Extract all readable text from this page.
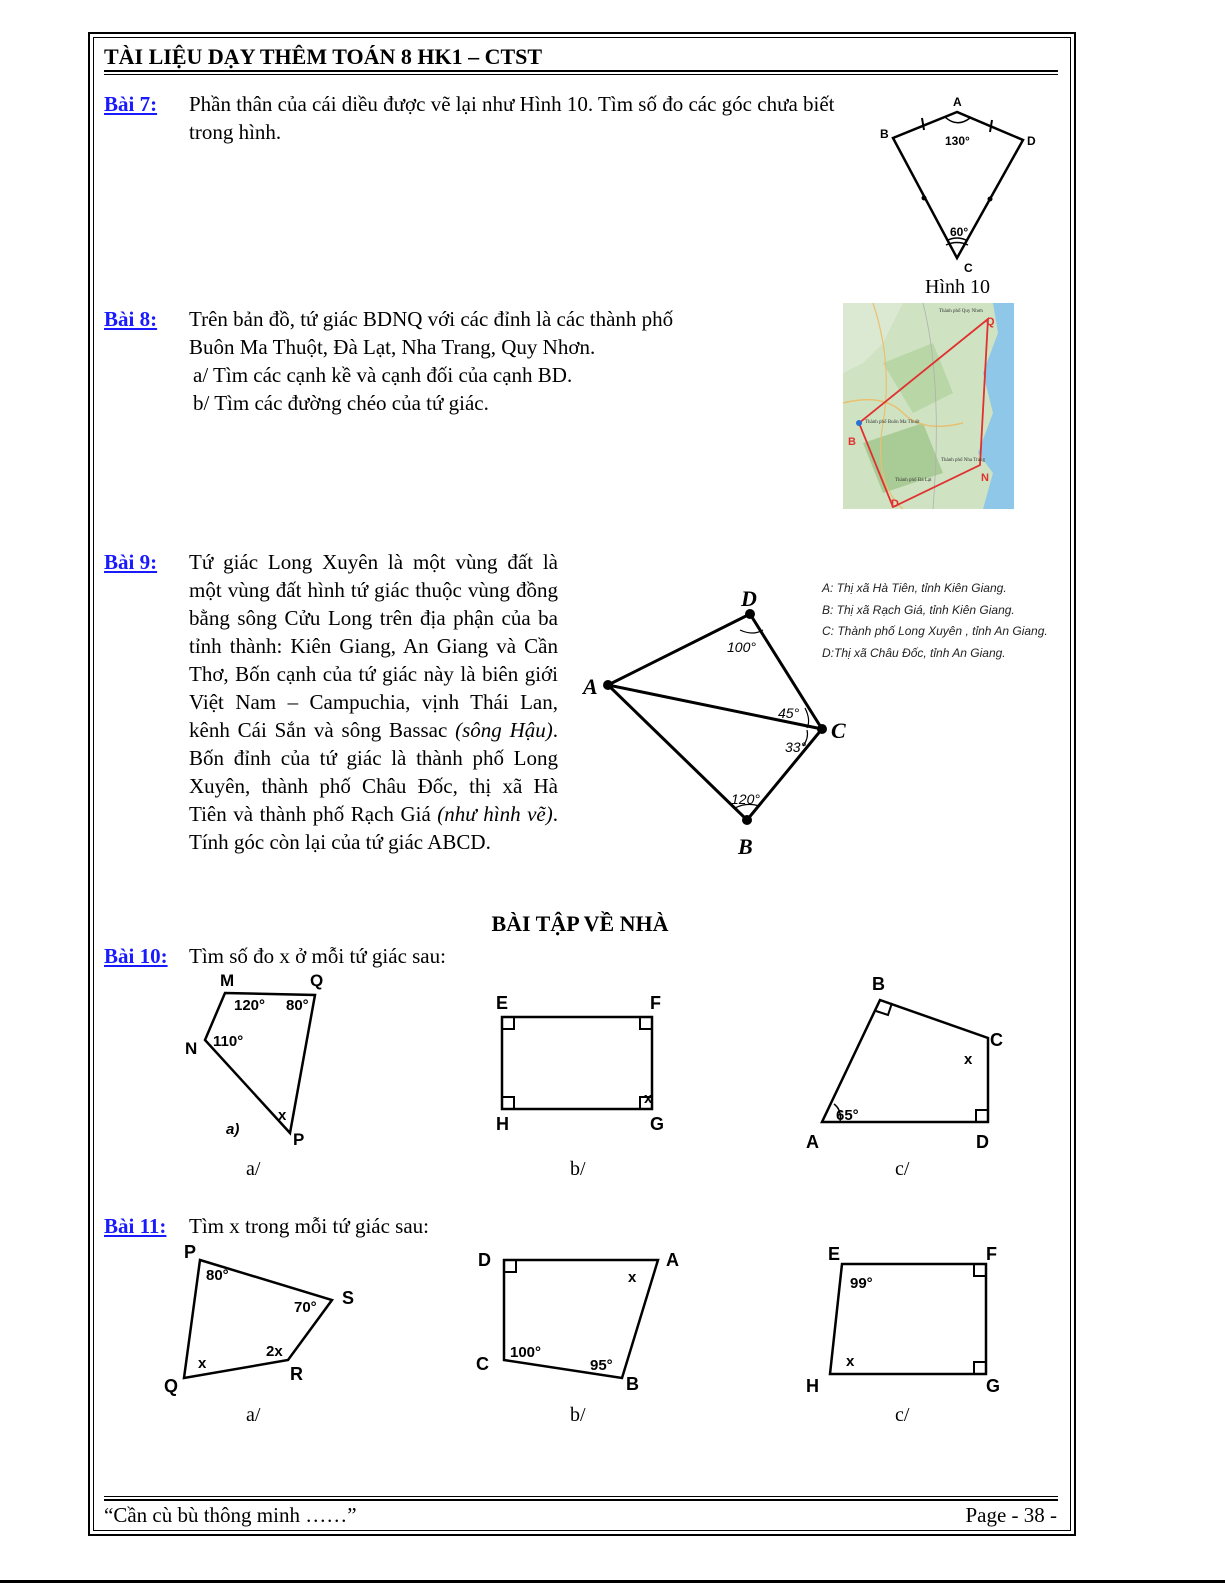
TÀI LIỆU DẠY THÊM TOÁN 8 HK1 – CTST
Bài 7: Phần thân của cái diều được vẽ lại như Hình 10. Tìm số đo các góc chưa biết trong hình.
A
B	D
C
130°
60°
Hình 10
Bài 8: Trên bản đồ, tứ giác BDNQ với các đỉnh là các thành phố
Buôn Ma Thuột, Đà Lạt, Nha Trang, Quy Nhơn.
a/ Tìm các cạnh kề và cạnh đối của cạnh BD.
b/ Tìm các đường chéo của tứ giác.
Thành phố Quy Nhơn
Thành phố Buôn Ma Thuột
Thành phố Nha Trang
Thành phố Đà Lạt
Q
B
N
D
Bài 9: Tứ giác Long Xuyên là một vùng đất là một vùng đất hình tứ giác thuộc vùng đồng bằng sông Cửu Long trên địa phận của ba tỉnh thành: Kiên Giang, An Giang và Cần Thơ, Bốn cạnh của tứ giác này là biên giới Việt Nam – Campuchia, vịnh Thái Lan, kênh Cái Sắn và sông Bassac (sông Hậu). Bốn đỉnh của tứ giác là thành phố Long Xuyên, thành phố Châu Đốc, thị xã Hà Tiên và thành phố Rạch Giá (như hình vẽ). Tính góc còn lại của tứ giác ABCD.
D
A
C
B
100°
45°
33°
120°
A: Thị xã Hà Tiên, tỉnh Kiên Giang.
B: Thị xã Rạch Giá, tỉnh Kiên Giang.
C: Thành phố Long Xuyên , tỉnh An Giang.
D:Thị xã Châu Đốc, tỉnh An Giang.
BÀI TẬP VỀ NHÀ
Bài 10: Tìm số đo x ở mỗi tứ giác sau:
M	Q
N
P
120° 80°
110°
x
a)
a/
E	F
H	G
x
b/
B
C
A	D
65°
x
c/
Bài 11: Tìm x trong mỗi tứ giác sau:
P
S
R
Q
80°
70°
2x
x
a/
D	A
C
B
100°
95°
x
b/
E	F
H	G
99°
x
c/
“Cần cù bù thông minh ……”	Page - 38 -
